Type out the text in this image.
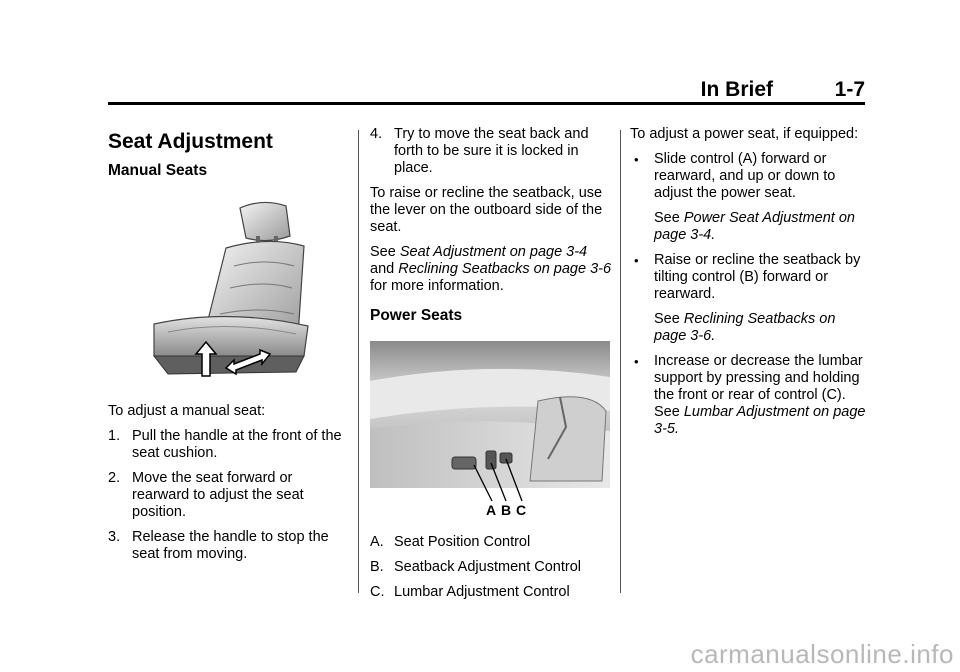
In Brief	1-7
Seat Adjustment
Manual Seats

To adjust a manual seat:

1. Pull the handle at the front of the seat cushion.
2. Move the seat forward or rearward to adjust the seat position.
3. Release the handle to stop the seat from moving.
4. Try to move the seat back and forth to be sure it is locked in place.

To raise or recline the seatback, use the lever on the outboard side of the seat.

See Seat Adjustment on page 3-4 and Reclining Seatbacks on page 3-6 for more information.

Power Seats
A B C
A. Seat Position Control
B. Seatback Adjustment Control
C. Lumbar Adjustment Control

To adjust a power seat, if equipped:

• Slide control (A) forward or rearward, and up or down to adjust the power seat.
See Power Seat Adjustment on page 3-4.
• Raise or recline the seatback by tilting control (B) forward or rearward.
See Reclining Seatbacks on page 3-6.
• Increase or decrease the lumbar support by pressing and holding the front or rear of control (C).
See Lumbar Adjustment on page 3-5.
carmanualsonline.info
